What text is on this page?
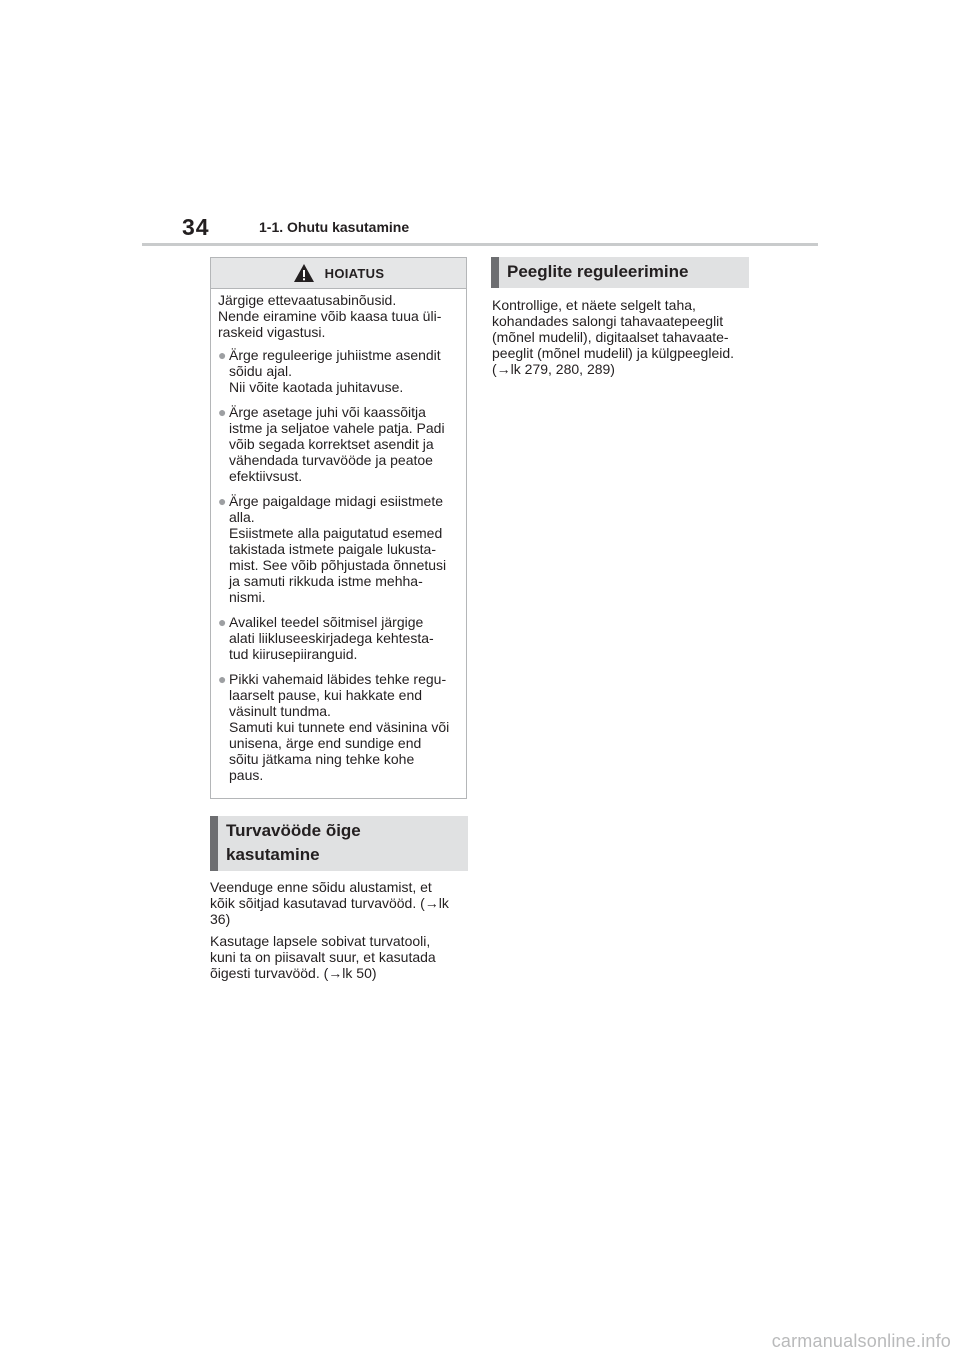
34	1-1. Ohutu kasutamine
HOIATUS
Järgige ettevaatusabinõusid.
Nende eiramine võib kaasa tuua üli-
raskeid vigastusi.
● Ärge reguleerige juhiistme asendit
sõidu ajal.
Nii võite kaotada juhitavuse.
● Ärge asetage juhi või kaassõitja
istme ja seljatoe vahele patja. Padi
võib segada korrektset asendit ja
vähendada turvavööde ja peatoe
efektiivsust.
● Ärge paigaldage midagi esiistmete
alla.
Esiistmete alla paigutatud esemed
takistada istmete paigale lukusta-
mist. See võib põhjustada õnnetusi
ja samuti rikkuda istme mehha-
nismi.
● Avalikel teedel sõitmisel järgige
alati liikluseeskirjadega kehtesta-
tud kiirusepiiranguid.
● Pikki vahemaid läbides tehke regu-
laarselt pause, kui hakkate end
väsinult tundma.
Samuti kui tunnete end väsinina või
unisena, ärge end sundige end
sõitu jätkama ning tehke kohe
paus.
Turvavööde õige
kasutamine
Veenduge enne sõidu alustamist, et
kõik sõitjad kasutavad turvavööd. (→lk
36)
Kasutage lapsele sobivat turvatooli,
kuni ta on piisavalt suur, et kasutada
õigesti turvavööd. (→lk 50)
Peeglite reguleerimine
Kontrollige, et näete selgelt taha,
kohandades salongi tahavaatepeeglit
(mõnel mudelil), digitaalset tahavaate-
peeglit (mõnel mudelil) ja külgpeegleid.
(→lk 279, 280, 289)
carmanualsonline.info
